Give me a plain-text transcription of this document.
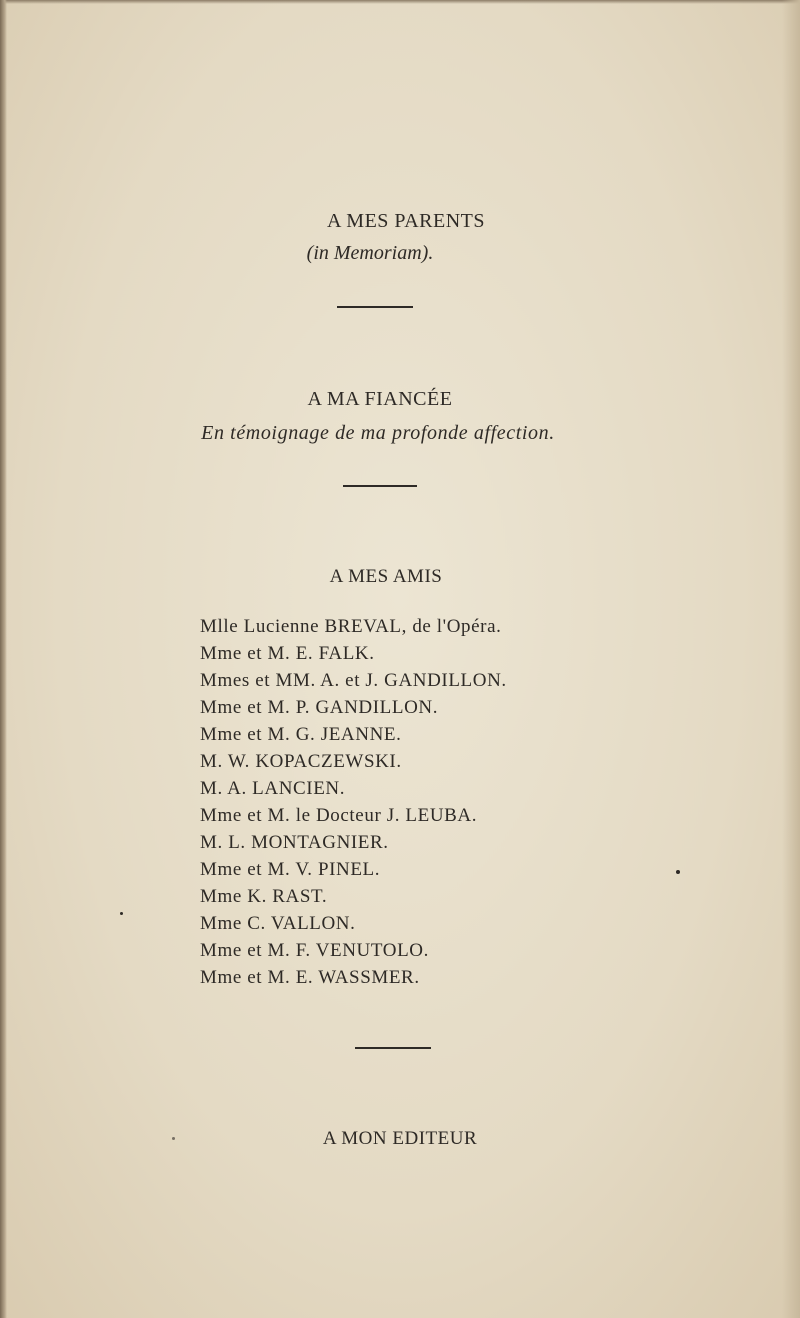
A MES PARENTS
(in Memoriam).
A MA FIANCÉE
En témoignage de ma profonde affection.
A MES AMIS
Mlle Lucienne BREVAL, de l'Opéra.
Mme et M. E. FALK.
Mmes et MM. A. et J. GANDILLON.
Mme et M. P. GANDILLON.
Mme et M. G. JEANNE.
M. W. KOPACZEWSKI.
M. A. LANCIEN.
Mme et M. le Docteur J. LEUBA.
M. L. MONTAGNIER.
Mme et M. V. PINEL.
Mme K. RAST.
Mme C. VALLON.
Mme et M. F. VENUTOLO.
Mme et M. E. WASSMER.
A MON EDITEUR
